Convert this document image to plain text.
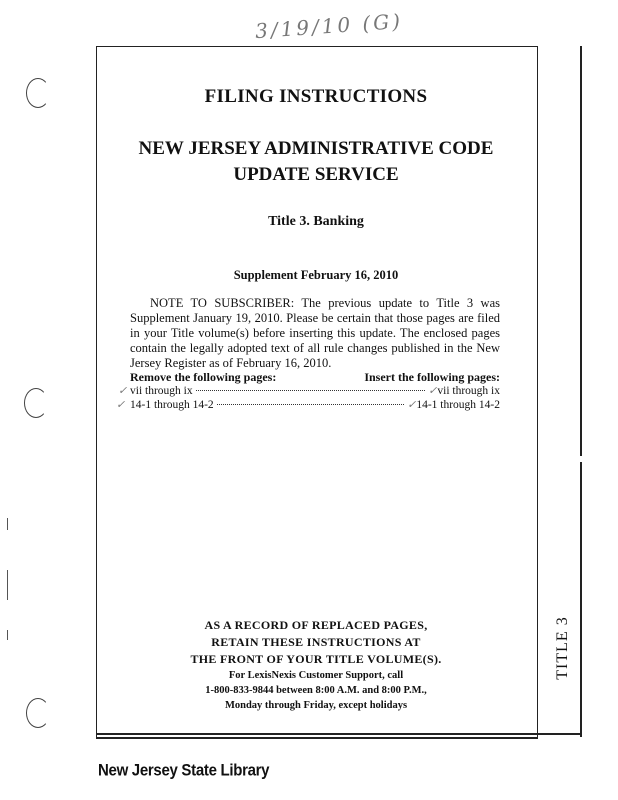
3/19/10 (G)
FILING INSTRUCTIONS
NEW JERSEY ADMINISTRATIVE CODE
UPDATE SERVICE
Title 3. Banking
Supplement February 16, 2010
NOTE TO SUBSCRIBER: The previous update to Title 3 was Supplement January 19, 2010. Please be certain that those pages are filed in your Title volume(s) before inserting this update. The enclosed pages contain the legally adopted text of all rule changes published in the New Jersey Register as of February 16, 2010.
Remove the following pages:	Insert the following pages:
✓ vii through ix	✓ vii through ix
✓ 14-1 through 14-2	✓ 14-1 through 14-2
AS A RECORD OF REPLACED PAGES,
RETAIN THESE INSTRUCTIONS AT
THE FRONT OF YOUR TITLE VOLUME(S).
For LexisNexis Customer Support, call
1-800-833-9844 between 8:00 A.M. and 8:00 P.M.,
Monday through Friday, except holidays
TITLE 3
New Jersey State Library
